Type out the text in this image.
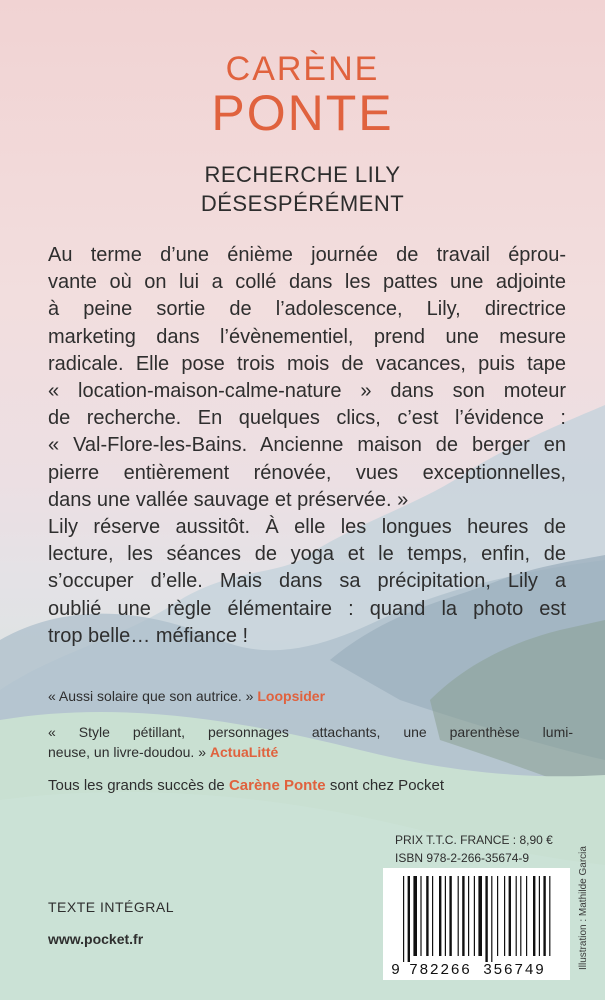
CARÈNE
PONTE
RECHERCHE LILY
DÉSESPÉRÉMENT
Au terme d’une énième journée de travail éprou-
vante où on lui a collé dans les pattes une adjointe
à peine sortie de l’adolescence, Lily, directrice
marketing dans l’évènementiel, prend une mesure
radicale. Elle pose trois mois de vacances, puis tape
« location-maison-calme-nature » dans son moteur
de recherche. En quelques clics, c’est l’évidence :
« Val-Flore-les-Bains. Ancienne maison de berger en
pierre entièrement rénovée, vues exceptionnelles,
dans une vallée sauvage et préservée. »
Lily réserve aussitôt. À elle les longues heures de
lecture, les séances de yoga et le temps, enfin, de
s’occuper d’elle. Mais dans sa précipitation, Lily a
oublié une règle élémentaire : quand la photo est
trop belle… méfiance !
« Aussi solaire que son autrice. » Loopsider
« Style pétillant, personnages attachants, une parenthèse lumi-
neuse, un livre-doudou. » ActuaLitté
Tous les grands succès de Carène Ponte sont chez Pocket
PRIX T.T.C. FRANCE : 8,90 €
ISBN 978-2-266-35674-9
9 782266 356749
Illustration : Mathilde Garcia
TEXTE INTÉGRAL
www.pocket.fr
